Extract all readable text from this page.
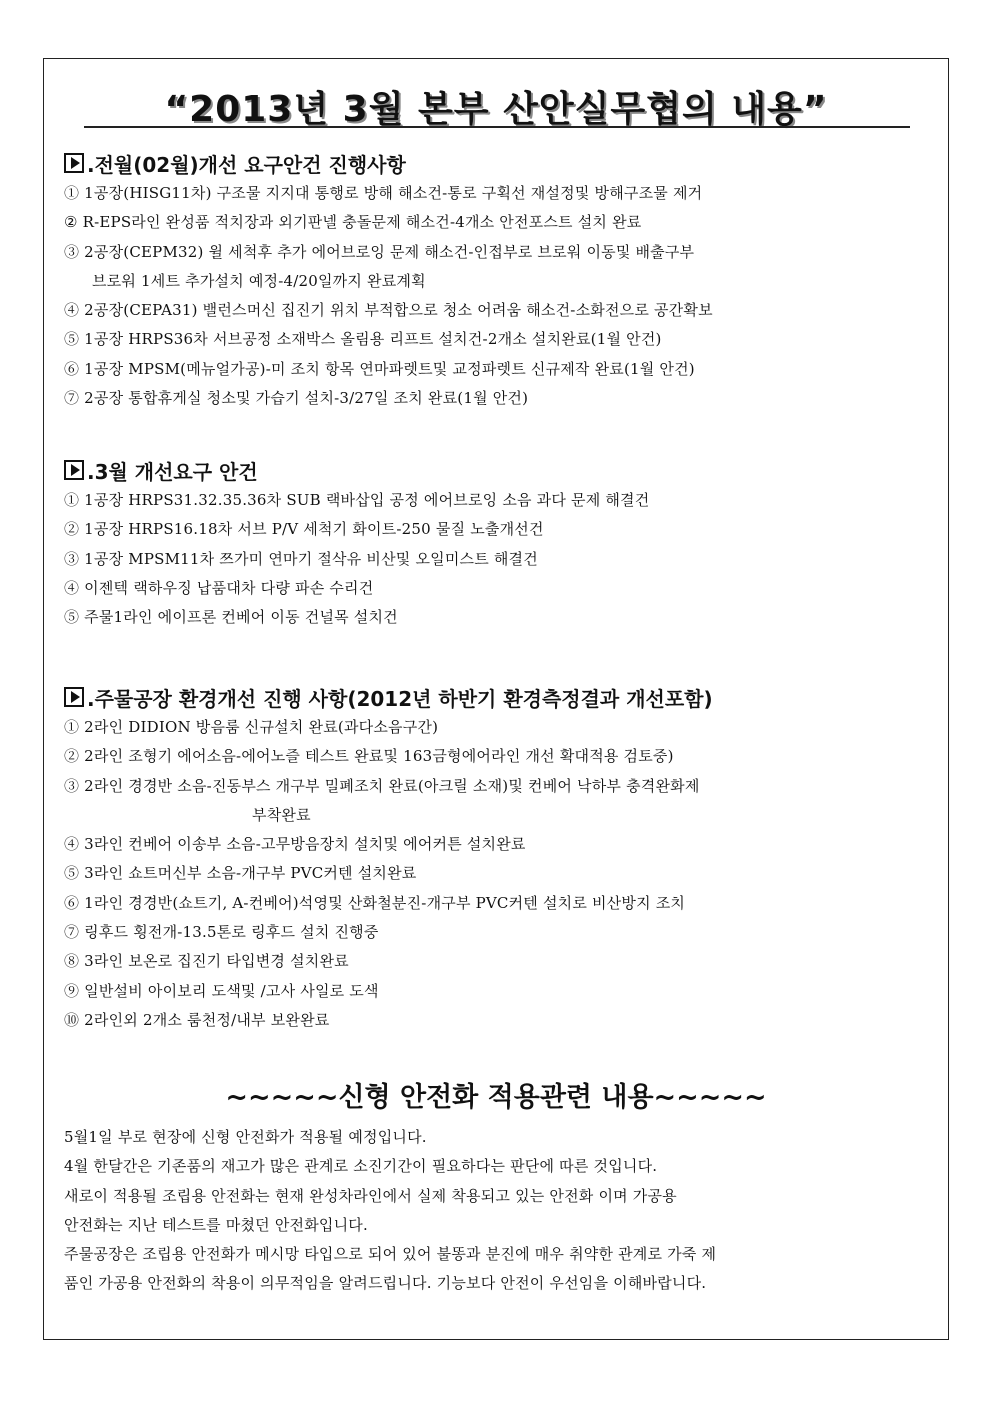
“2013년 3월 본부 산안실무협의 내용”
.전월(02월)개선 요구안건 진행사항
① 1공장(HISG11차) 구조물 지지대 통행로 방해 해소건-통로 구획선 재설정및 방해구조물 제거
② R-EPS라인 완성품 적치장과 외기판넬 충돌문제 해소건-4개소 안전포스트 설치 완료
③ 2공장(CEPM32) 윌 세척후 추가 에어브로잉 문제 해소건-인접부로 브로워 이동및 배출구부
브로워 1세트 추가설치 예정-4/20일까지 완료계획
④ 2공장(CEPA31) 밸런스머신 집진기 위치 부적합으로 청소 어려움 해소건-소화전으로 공간확보
⑤ 1공장 HRPS36차 서브공정 소재박스 올림용 리프트 설치건-2개소 설치완료(1월 안건)
⑥ 1공장 MPSM(메뉴얼가공)-미 조치 항목 연마파렛트및 교정파렛트 신규제작 완료(1월 안건)
⑦ 2공장 통합휴게실 청소및 가습기 설치-3/27일 조치 완료(1월 안건)
.3월 개선요구 안건
① 1공장 HRPS31.32.35.36차 SUB 랙바삽입 공정 에어브로잉 소음 과다 문제 해결건
② 1공장 HRPS16.18차 서브 P/V 세척기 화이트-250 물질 노출개선건
③ 1공장 MPSM11차 쯔가미 연마기 절삭유 비산및 오일미스트 해결건
④ 이젠텍 랙하우징 납품대차 다량 파손 수리건
⑤ 주물1라인 에이프론 컨베어 이동 건널목 설치건
.주물공장 환경개선 진행 사항(2012년 하반기 환경측정결과 개선포함)
① 2라인 DIDION 방음룸 신규설치 완료(과다소음구간)
② 2라인 조형기 에어소음-에어노즐 테스트 완료및 163금형에어라인 개선 확대적용 검토중)
③ 2라인 경경반 소음-진동부스 개구부 밀폐조치 완료(아크릴 소재)및 컨베어 낙하부 충격완화제
부착완료
④ 3라인 컨베어 이송부 소음-고무방음장치 설치및 에어커튼 설치완료
⑤ 3라인 쇼트머신부 소음-개구부 PVC커텐 설치완료
⑥ 1라인 경경반(쇼트기, A-컨베어)석영및 산화철분진-개구부 PVC커텐 설치로 비산방지 조치
⑦ 링후드 횡전개-13.5톤로 링후드 설치 진행중
⑧ 3라인 보온로 집진기 타입변경 설치완료
⑨ 일반설비 아이보리 도색및 /고사 사일로 도색
⑩ 2라인외 2개소 룸천정/내부 보완완료
~~~~~신형 안전화 적용관련 내용~~~~~

5월1일 부로 현장에 신형 안전화가 적용될 예정입니다.

4월 한달간은 기존품의 재고가 많은 관계로 소진기간이 필요하다는 판단에 따른 것입니다.

새로이 적용될 조립용 안전화는 현재 완성차라인에서 실제 착용되고 있는 안전화 이며 가공용

안전화는 지난 테스트를 마쳤던 안전화입니다.

주물공장은 조립용 안전화가 메시망 타입으로 되어 있어 불똥과 분진에 매우 취약한 관계로 가죽 제

품인 가공용 안전화의 착용이 의무적임을 알려드립니다. 기능보다 안전이 우선임을 이해바랍니다.
